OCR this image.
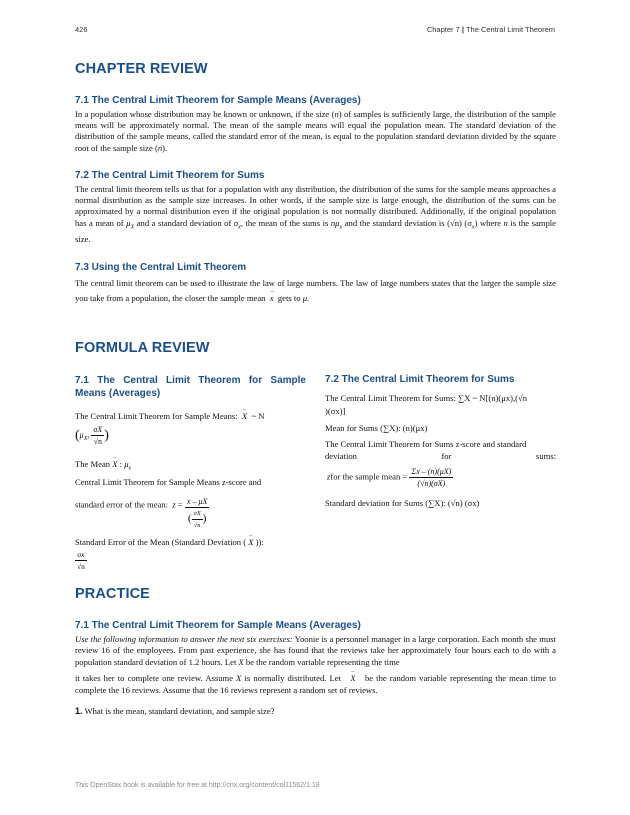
426	Chapter 7 | The Central Limit Theorem
CHAPTER REVIEW
7.1 The Central Limit Theorem for Sample Means (Averages)

In a population whose distribution may be known or unknown, if the size (n) of samples is sufficiently large, the distribution of the sample means will be approximately normal. The mean of the sample means will equal the population mean. The standard deviation of the distribution of the sample means, called the standard error of the mean, is equal to the population standard deviation divided by the square root of the sample size (n).

7.2 The Central Limit Theorem for Sums

The central limit theorem tells us that for a population with any distribution, the distribution of the sums for the sample means approaches a normal distribution as the sample size increases. In other words, if the sample size is large enough, the distribution of the sums can be approximated by a normal distribution even if the original population is not normally distributed. Additionally, if the original population has a mean of $\mu_X$ and a standard deviation of $\sigma_x$, the mean of the sums is $n\mu_x$ and the standard deviation is (√n) $(\sigma_x)$ where n is the sample size.

7.3 Using the Central Limit Theorem

The central limit theorem can be used to illustrate the law of large numbers. The law of large numbers states that the larger the sample size you take from a population, the closer the sample mean – x gets to μ.

FORMULA REVIEW
7.1 The Central Limit Theorem for Sample
Means (Averages)
The Central Limit Theorem for Sample Means: – X ~ N
($\mu_X$, $\frac{\sigma X}{√n}$ )
The Mean – X : $\mu_x$
Central Limit Theorem for Sample Means z-score and
standard error of the mean: $z = \frac{x - \mu X}{( \frac{\sigma X}{√n} )}$
Standard Error of the Mean (Standard Deviation ( – X )):
$\frac{\sigma x}{√n}$
7.2 The Central Limit Theorem for Sums
The Central Limit Theorem for Sums: ∑X ~ N[(n)(μx),(√n
)(σx)]
Mean for Sums (∑X): (n)(μx)
The Central Limit Theorem for Sums z-score and standard
deviation	for	sums:
zfor the sample mean = $\frac{\Sigma x - (n)(\mu X)}{(√n)(\sigma X)}$
Standard deviation for Sums (∑X): (√n) (σx)
PRACTICE
7.1 The Central Limit Theorem for Sample Means (Averages)

Use the following information to answer the next six exercises: Yoonie is a personnel manager in a large corporation. Each month she must review 16 of the employees. From past experience, she has found that the reviews take her approximately four hours each to do with a population standard deviation of 1.2 hours. Let X be the random variable representing the time

it takes her to complete one review. Assume X is normally distributed. Let – X be the random variable representing the mean time to complete the 16 reviews. Assume that the 16 reviews represent a random set of reviews.

1. What is the mean, standard deviation, and sample size?
This OpenStax book is available for free at http://cnx.org/content/col11562/1.18
